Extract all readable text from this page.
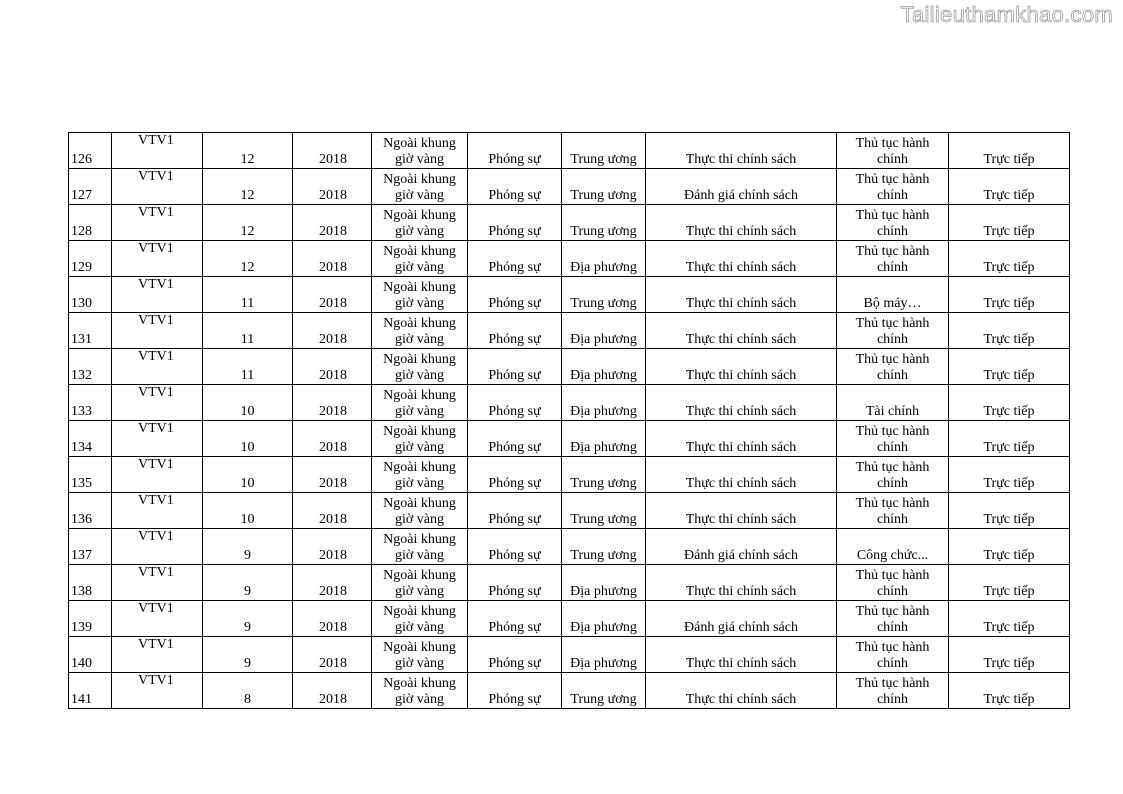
Tailieuthamkhao.com
126	VTV1	12	2018	Ngoài khung
giờ vàng	Phóng sự	Trung ương	Thực thi chính sách	Thủ tục hành
chính	Trực tiếp
127	VTV1	12	2018	Ngoài khung
giờ vàng	Phóng sự	Trung ương	Đánh giá chính sách	Thủ tục hành
chính	Trực tiếp
128	VTV1	12	2018	Ngoài khung
giờ vàng	Phóng sự	Trung ương	Thực thi chính sách	Thủ tục hành
chính	Trực tiếp
129	VTV1	12	2018	Ngoài khung
giờ vàng	Phóng sự	Địa phương	Thực thi chính sách	Thủ tục hành
chính	Trực tiếp
130	VTV1	11	2018	Ngoài khung
giờ vàng	Phóng sự	Trung ương	Thực thi chính sách	Bộ máy…	Trực tiếp
131	VTV1	11	2018	Ngoài khung
giờ vàng	Phóng sự	Địa phương	Thực thi chính sách	Thủ tục hành
chính	Trực tiếp
132	VTV1	11	2018	Ngoài khung
giờ vàng	Phóng sự	Địa phương	Thực thi chính sách	Thủ tục hành
chính	Trực tiếp
133	VTV1	10	2018	Ngoài khung
giờ vàng	Phóng sự	Địa phương	Thực thi chính sách	Tài chính	Trực tiếp
134	VTV1	10	2018	Ngoài khung
giờ vàng	Phóng sự	Địa phương	Thực thi chính sách	Thủ tục hành
chính	Trực tiếp
135	VTV1	10	2018	Ngoài khung
giờ vàng	Phóng sự	Trung ương	Thực thi chính sách	Thủ tục hành
chính	Trực tiếp
136	VTV1	10	2018	Ngoài khung
giờ vàng	Phóng sự	Trung ương	Thực thi chính sách	Thủ tục hành
chính	Trực tiếp
137	VTV1	9	2018	Ngoài khung
giờ vàng	Phóng sự	Trung ương	Đánh giá chính sách	Công chức...	Trực tiếp
138	VTV1	9	2018	Ngoài khung
giờ vàng	Phóng sự	Địa phương	Thực thi chính sách	Thủ tục hành
chính	Trực tiếp
139	VTV1	9	2018	Ngoài khung
giờ vàng	Phóng sự	Địa phương	Đánh giá chính sách	Thủ tục hành
chính	Trực tiếp
140	VTV1	9	2018	Ngoài khung
giờ vàng	Phóng sự	Địa phương	Thực thi chính sách	Thủ tục hành
chính	Trực tiếp
141	VTV1	8	2018	Ngoài khung
giờ vàng	Phóng sự	Trung ương	Thực thi chính sách	Thủ tục hành
chính	Trực tiếp
